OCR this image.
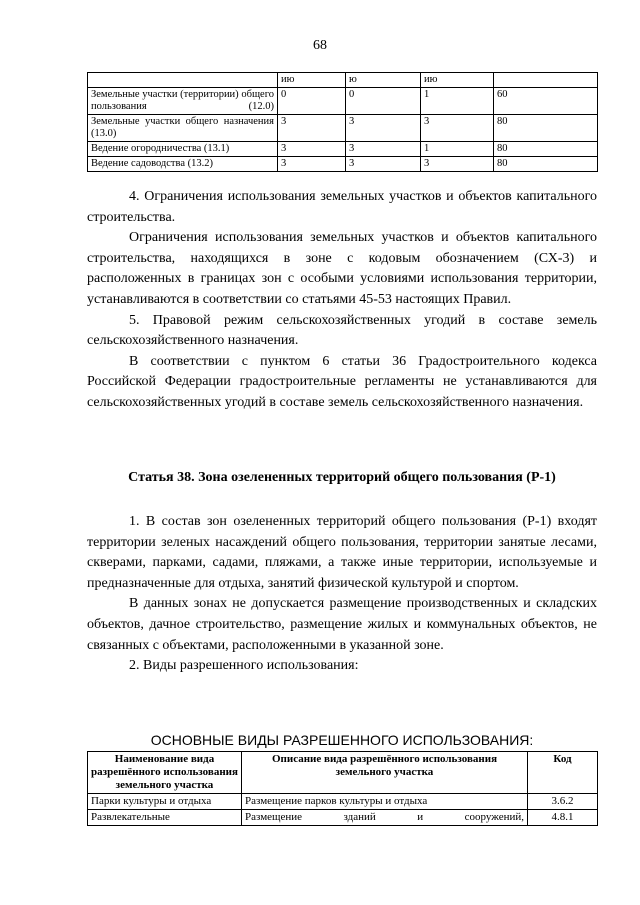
68
	ию	ю	ию	
Земельные участки (территории) общего пользования (12.0)	0	0	1	60
Земельные участки общего назначения (13.0)	3	3	3	80
Ведение огородничества (13.1)	3	3	1	80
Ведение садоводства (13.2)	3	3	3	80

4. Ограничения использования земельных участков и объектов капитального строительства.

Ограничения использования земельных участков и объектов капитального строительства, находящихся в зоне с кодовым обозначением (СХ-3) и расположенных в границах зон с особыми условиями использования территории, устанавливаются в соответствии со статьями 45-53 настоящих Правил.

5. Правовой режим сельскохозяйственных угодий в составе земель сельскохозяйственного назначения.

В соответствии с пунктом 6 статьи 36 Градостроительного кодекса Российской Федерации градостроительные регламенты не устанавливаются для сельскохозяйственных угодий в составе земель сельскохозяйственного назначения.

Статья 38. Зона озелененных территорий общего пользования (Р-1)

1. В состав зон озелененных территорий общего пользования (Р-1) входят территории зеленых насаждений общего пользования, территории занятые лесами, скверами, парками, садами, пляжами, а также иные территории, используемые и предназначенные для отдыха, занятий физической культурой и спортом.

В данных зонах не допускается размещение производственных и складских объектов, дачное строительство, размещение жилых и коммунальных объектов, не связанных с объектами, расположенными в указанной зоне.

2. Виды разрешенного использования:

ОСНОВНЫЕ ВИДЫ РАЗРЕШЕННОГО ИСПОЛЬЗОВАНИЯ:
Наименование вида разрешённого использования земельного участка	Описание вида разрешённого использования земельного участка	Код
Парки культуры и отдыха	Размещение парков культуры и отдыха	3.6.2
Развлекательные	Размещение зданий и сооружений,	4.8.1
